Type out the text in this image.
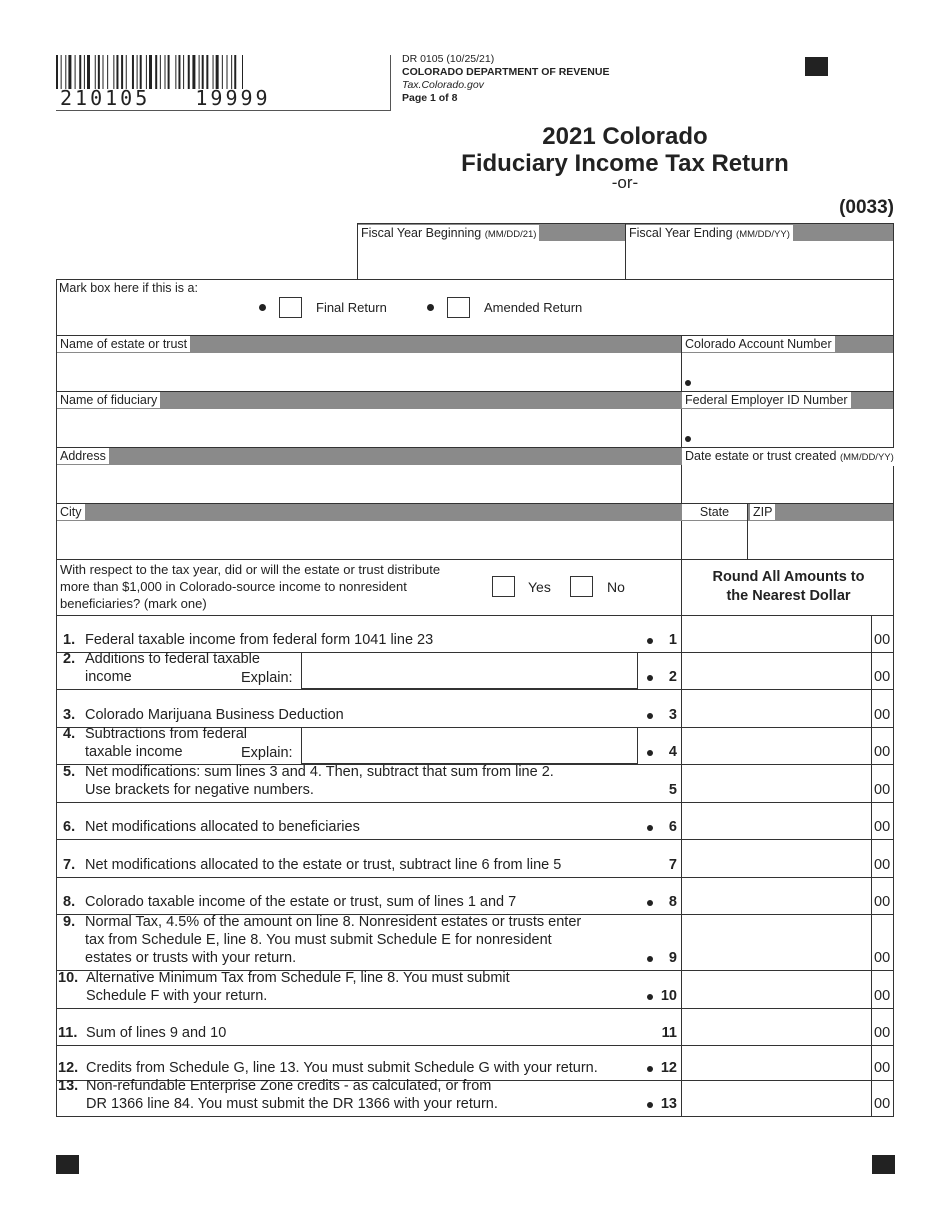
210105   19999
DR 0105 (10/25/21)
COLORADO DEPARTMENT OF REVENUE
Tax.Colorado.gov
Page 1 of 8
2021 Colorado
Fiduciary Income Tax Return
-or-
(0033)
Fiscal Year Beginning (MM/DD/21)	Fiscal Year Ending (MM/DD/YY)
Mark box here if this is a:
Final Return	Amended Return
Name of estate or trust	Colorado Account Number
Name of fiduciary	Federal Employer ID Number
Address	Date estate or trust created (MM/DD/YY)
City	State	ZIP
With respect to the tax year, did or will the estate or trust distribute
more than $1,000 in Colorado-source income to nonresident
beneficiaries? (mark one)
Yes	No
Round All Amounts to
the Nearest Dollar
1. Federal taxable income from federal form 1041 line 23	1	00
2. Additions to federal taxable
income	2	00
3. Colorado Marijuana Business Deduction	3	00
4. Subtractions from federal
taxable income	4	00
5. Net modifications: sum lines 3 and 4. Then, subtract that sum from line 2.
Use brackets for negative numbers.	5	00
6. Net modifications allocated to beneficiaries	6	00
7. Net modifications allocated to the estate or trust, subtract line 6 from line 5	7	00
8. Colorado taxable income of the estate or trust, sum of lines 1 and 7	8	00
9. Normal Tax, 4.5% of the amount on line 8. Nonresident estates or trusts enter
tax from Schedule E, line 8. You must submit Schedule E for nonresident
estates or trusts with your return.	9	00
10. Alternative Minimum Tax from Schedule F, line 8. You must submit
Schedule F with your return.	10	00
11. Sum of lines 9 and 10	11	00
12. Credits from Schedule G, line 13. You must submit Schedule G with your return.	12	00
13. Non-refundable Enterprise Zone credits - as calculated, or from
DR 1366 line 84. You must submit the DR 1366 with your return.	13	00
Explain:
Explain:
